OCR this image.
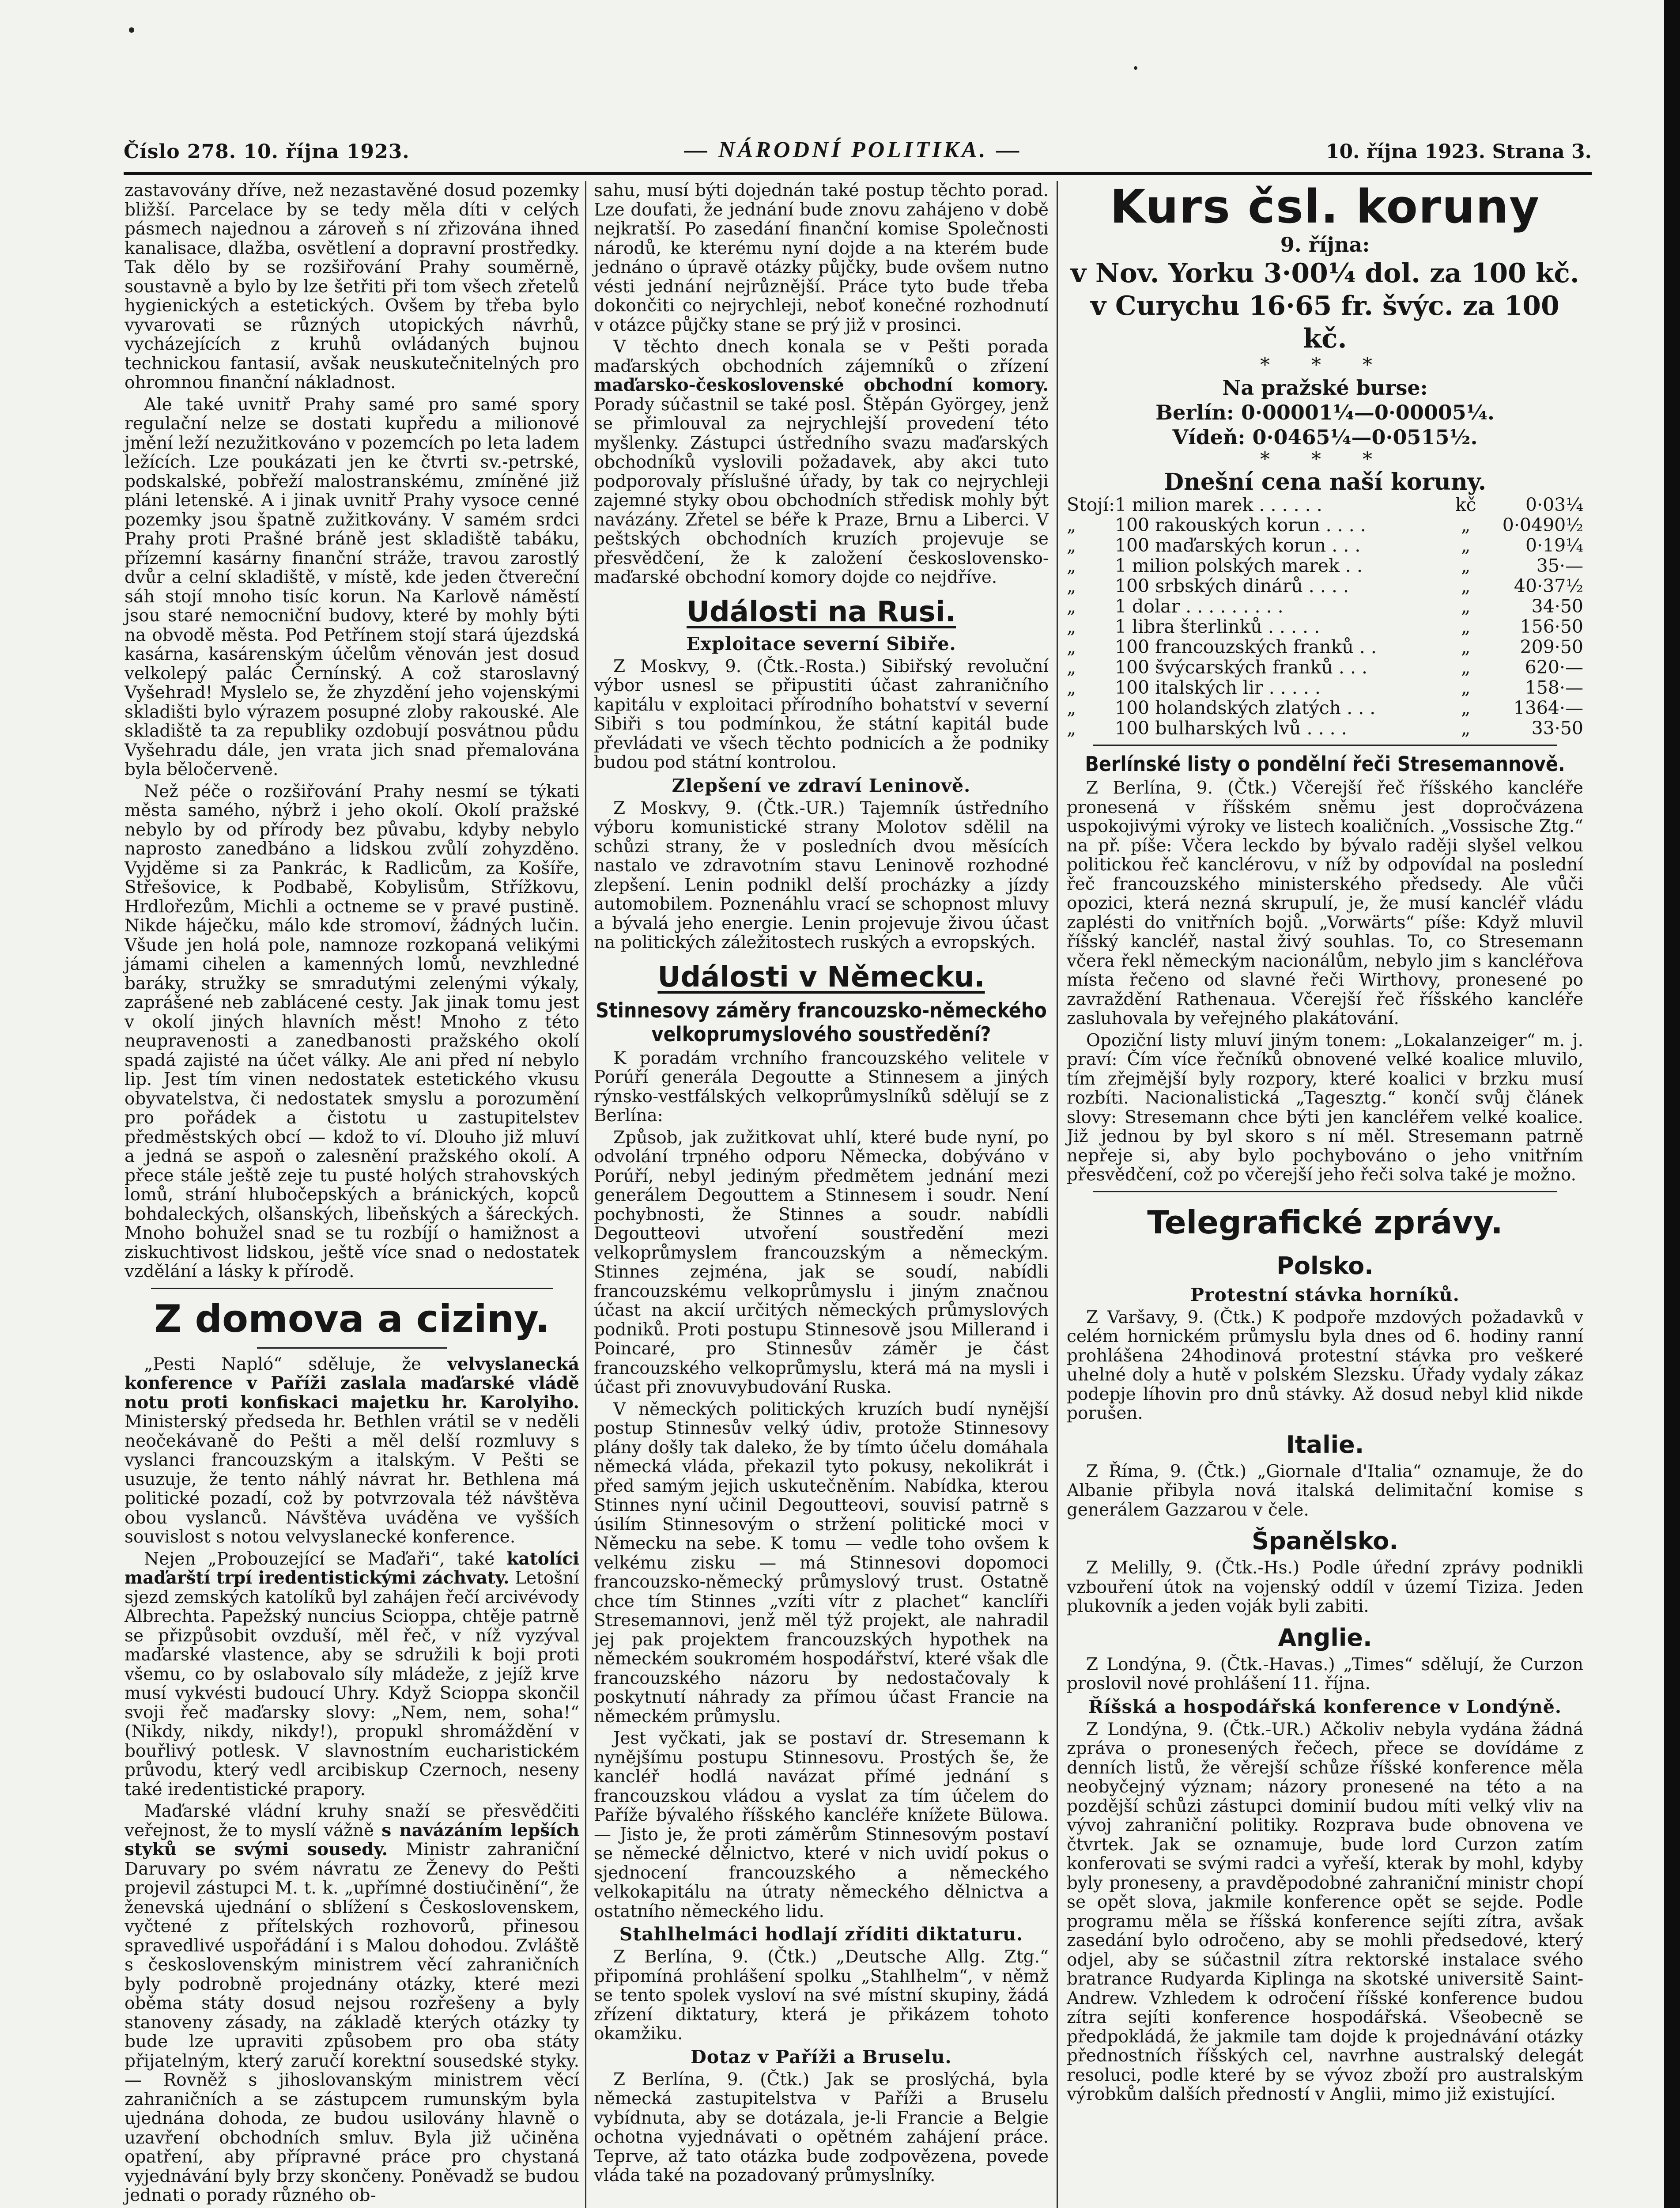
Číslo 278. 10. října 1923.	— NÁRODNÍ POLITIKA. —	10. října 1923. Strana 3.

zastavovány dříve, než nezastavěné dosud pozemky bližší. Parcelace by se tedy měla díti v celých pásmech najednou a zároveň s ní zřizována ihned kanalisace, dlažba, osvětlení a dopravní prostředky. Tak dělo by se rozšiřování Prahy souměrně, soustavně a bylo by lze šetřiti při tom všech zřetelů hygienických a estetických. Ovšem by třeba bylo vyvarovati se různých utopických návrhů, vycházejících z kruhů ovládaných bujnou technickou fantasií, avšak neuskutečnitelných pro ohromnou finanční nákladnost.

Ale také uvnitř Prahy samé pro samé spory regulační nelze se dostati kupředu a milionové jmění leží nezužitkováno v pozemcích po leta ladem ležících. Lze poukázati jen ke čtvrti sv.-petrské, podskalské, pobřeží malostranskému, zmíněné již pláni letenské. A i jinak uvnitř Prahy vysoce cenné pozemky jsou špatně zužitkovány. V samém srdci Prahy proti Prašné bráně jest skladiště tabáku, přízemní kasárny finanční stráže, travou zarostlý dvůr a celní skladiště, v místě, kde jeden čtvereční sáh stojí mnoho tisíc korun. Na Karlově náměstí jsou staré nemocniční budovy, které by mohly býti na obvodě města. Pod Petřínem stojí stará újezdská kasárna, kasárenským účelům věnován jest dosud velkolepý palác Černínský. A což staroslavný Vyšehrad! Myslelo se, že zhyzdění jeho vojenskými skladišti bylo výrazem posupné zloby rakouské. Ale skladiště ta za republiky ozdobují posvátnou půdu Vyšehradu dále, jen vrata jich snad přemalována byla běločerveně.

Než péče o rozšiřování Prahy nesmí se týkati města samého, nýbrž i jeho okolí. Okolí pražské nebylo by od přírody bez půvabu, kdyby nebylo naprosto zanedbáno a lidskou zvůlí zohyzděno. Vyjděme si za Pankrác, k Radlicům, za Košíře, Střešovice, k Podbabě, Kobylisům, Střížkovu, Hrdlořezům, Michli a octneme se v pravé pustině. Nikde háječku, málo kde stromoví, žádných lučin. Všude jen holá pole, namnoze rozkopaná velikými jámami cihelen a kamenných lomů, nevzhledné baráky, stružky se smradutými zelenými výkaly, zaprášené neb zablácené cesty. Jak jinak tomu jest v okolí jiných hlavních měst! Mnoho z této neupravenosti a zanedbanosti pražského okolí spadá zajisté na účet války. Ale ani před ní nebylo lip. Jest tím vinen nedostatek estetického vkusu obyvatelstva, či nedostatek smyslu a porozumění pro pořádek a čistotu u zastupitelstev předměstských obcí — kdož to ví. Dlouho již mluví a jedná se aspoň o zalesnění pražského okolí. A přece stále ještě zeje tu pusté holých strahovských lomů, strání hlubočepských a bránických, kopců bohdaleckých, olšanských, libeňských a šáreckých. Mnoho bohužel snad se tu rozbíjí o hamižnost a ziskuchtivost lidskou, ještě více snad o nedostatek vzdělání a lásky k přírodě.

Z domova a ciziny.

„Pesti Napló“ sděluje, že velvyslanecká konference v Paříži zaslala maďarské vládě notu proti konfiskaci majetku hr. Karolyiho. Ministerský předseda hr. Bethlen vrátil se v neděli neočekávaně do Pešti a měl delší rozmluvy s vyslanci francouzským a italským. V Pešti se usuzuje, že tento náhlý návrat hr. Bethlena má politické pozadí, což by potvrzovala též návštěva obou vyslanců. Návštěva uváděna ve vyšších souvislost s notou velvyslanecké konference.

Nejen „Probouzející se Maďaři“, také katolíci maďarští trpí iredentistickými záchvaty. Letošní sjezd zemských katolíků byl zahájen řečí arcivévody Albrechta. Papežský nuncius Scioppa, chtěje patrně se přizpůsobit ovzduší, měl řeč, v níž vyzýval maďarské vlastence, aby se sdružili k boji proti všemu, co by oslabovalo síly mládeže, z jejíž krve musí vykvésti budoucí Uhry. Když Scioppa skončil svoji řeč maďarsky slovy: „Nem, nem, soha!“ (Nikdy, nikdy, nikdy!), propukl shromáždění v bouřlivý potlesk. V slavnostním eucharistickém průvodu, který vedl arcibiskup Czernoch, neseny také iredentistické prapory.

Maďarské vládní kruhy snaží se přesvědčiti veřejnost, že to myslí vážně s navázáním lepších styků se svými sousedy. Ministr zahraniční Daruvary po svém návratu ze Ženevy do Pešti projevil zástupci M. t. k. „upřímné dostiučinění“, že ženevská ujednání o sblížení s Československem, vyčtené z přítelských rozhovorů, přinesou spravedlivé uspořádání i s Malou dohodou. Zvláště s československým ministrem věcí zahraničních byly podrobně projednány otázky, které mezi oběma státy dosud nejsou rozřešeny a byly stanoveny zásady, na základě kterých otázky ty bude lze upraviti způsobem pro oba státy přijatelným, který zaručí korektní sousedské styky. — Rovněž s jihoslovanským ministrem věcí zahraničních a se zástupcem rumunským byla ujednána dohoda, ze budou usilovány hlavně o uzavření obchodních smluv. Byla již učiněna opatření, aby přípravné práce pro chystaná vyjednávání byly brzy skončeny. Poněvadž se budou jednati o porady různého ob-

sahu, musí býti dojednán také postup těchto porad. Lze doufati, že jednání bude znovu zahájeno v době nejkratší. Po zasedání finanční komise Společnosti národů, ke kterému nyní dojde a na kterém bude jednáno o úpravě otázky půjčky, bude ovšem nutno vésti jednání nejrůznější. Práce tyto bude třeba dokončiti co nejrychleji, neboť konečné rozhodnutí v otázce půjčky stane se prý již v prosinci.

V těchto dnech konala se v Pešti porada maďarských obchodních zájemníků o zřízení maďarsko-československé obchodní komory. Porady súčastnil se také posl. Štěpán Györgey, jenž se přimlouval za nejrychlejší provedení této myšlenky. Zástupci ústředního svazu maďarských obchodníků vyslovili požadavek, aby akci tuto podporovaly příslušné úřady, by tak co nejrychleji zajemné styky obou obchodních středisk mohly být navázány. Zřetel se béře k Praze, Brnu a Liberci. V peštských obchodních kruzích projevuje se přesvědčení, že k založení československo-maďarské obchodní komory dojde co nejdříve.

Události na Rusi.
Exploitace severní Sibiře.

Z Moskvy, 9. (Čtk.-Rosta.) Sibiřský revoluční výbor usnesl se připustiti účast zahraničního kapitálu v exploitaci přírodního bohatství v severní Sibiři s tou podmínkou, že státní kapitál bude převládati ve všech těchto podnicích a že podniky budou pod státní kontrolou.

Zlepšení ve zdraví Leninově.

Z Moskvy, 9. (Čtk.-UR.) Tajemník ústředního výboru komunistické strany Molotov sdělil na schůzi strany, že v posledních dvou měsících nastalo ve zdravotním stavu Leninově rozhodné zlepšení. Lenin podnikl delší procházky a jízdy automobilem. Poznenáhlu vrací se schopnost mluvy a bývalá jeho energie. Lenin projevuje živou účast na politických záležitostech ruských a evropských.

Události v Německu.
Stinnesovy záměry francouzsko-německého velkoprumyslového soustředění?

K poradám vrchního francouzského velitele v Porúří generála Degoutte a Stinnesem a jiných rýnsko-vestfálských velkoprůmyslníků sdělují se z Berlína:

Způsob, jak zužitkovat uhlí, které bude nyní, po odvolání trpného odporu Německa, dobýváno v Porúří, nebyl jediným předmětem jednání mezi generálem Degouttem a Stinnesem i soudr. Není pochybnosti, že Stinnes a soudr. nabídli Degoutteovi utvoření soustředění mezi velkoprůmyslem francouzským a německým. Stinnes zejména, jak se soudí, nabídli francouzskému velkoprůmyslu i jiným značnou účast na akcií určitých německých průmyslových podniků. Proti postupu Stinnesově jsou Millerand i Poincaré, pro Stinnesův záměr je část francouzského velkoprůmyslu, která má na mysli i účast při znovuvybudování Ruska.

V německých politických kruzích budí nynější postup Stinnesův velký údiv, protože Stinnesovy plány došly tak daleko, že by tímto účelu domáhala německá vláda, překazil tyto pokusy, nekolikrát i před samým jejich uskutečněním. Nabídka, kterou Stinnes nyní učinil Degoutteovi, souvisí patrně s úsilím Stinnesovým o stržení politické moci v Německu na sebe. K tomu — vedle toho ovšem k velkému zisku — má Stinnesovi dopomoci francouzsko-německý průmyslový trust. Ostatně chce tím Stinnes „vzíti vítr z plachet“ kanclíři Stresemannovi, jenž měl týž projekt, ale nahradil jej pak projektem francouzských hypothek na německém soukromém hospodářství, které však dle francouzského názoru by nedostačovaly k poskytnutí náhrady za přímou účast Francie na německém průmyslu.

Jest vyčkati, jak se postaví dr. Stresemann k nynějšímu postupu Stinnesovu. Prostých še, že kancléř hodlá navázat přímé jednání s francouzskou vládou a vyslat za tím účelem do Paříže bývalého říšského kancléře knížete Bülowa. — Jisto je, že proti záměrům Stinnesovým postaví se německé dělnictvo, které v nich uvidí pokus o sjednocení francouzského a německého velkokapitálu na útraty německého dělnictva a ostatního německého lidu.

Stahlhelmáci hodlají zříditi diktaturu.

Z Berlína, 9. (Čtk.) „Deutsche Allg. Ztg.“ připomíná prohlášení spolku „Stahlhelm“, v němž se tento spolek vysloví na své místní skupiny, žádá zřízení diktatury, která je přikázem tohoto okamžiku.

Dotaz v Paříži a Bruselu.

Z Berlína, 9. (Čtk.) Jak se proslýchá, byla německá zastupitelstva v Paříži a Bruselu vybídnuta, aby se dotázala, je-li Francie a Belgie ochotna vyjednávati o opětném zahájení práce. Teprve, až tato otázka bude zodpovězena, povede vláda také na pozadovaný průmyslníky.

Kurs čsl. koruny
9. října:
v Nov. Yorku 3·00¼ dol. za 100 kč.
v Curychu 16·65 fr. švýc. za 100 kč.
* * *
Na pražské burse:
Berlín: 0·00001¼—0·00005¼.
Vídeň: 0·0465¼—0·0515½.
* * *
Dnešní cena naší koruny.
Stojí:	1 milion marek . . . . . .	kč	0·03¼
„	100 rakouských korun . . . .	„	0·0490½
„	100 maďarských korun . . .	„	0·19¼
„	1 milion polských marek . .	„	35·—
„	100 srbských dinárů . . . .	„	40·37½
„	1 dolar . . . . . . . . .	„	34·50
„	1 libra šterlinků . . . . .	„	156·50
„	100 francouzských franků . .	„	209·50
„	100 švýcarských franků . . .	„	620·—
„	100 italských lir . . . . .	„	158·—
„	100 holandských zlatých . . .	„	1364·—
„	100 bulharských lvů . . . .	„	33·50
Berlínské listy o pondělní řeči Stresemannově.

Z Berlína, 9. (Čtk.) Včerejší řeč říšského kancléře pronesená v říšském sněmu jest dopročvázena uspokojivými výroky ve listech koaličních. „Vossische Ztg.“ na př. píše: Včera leckdo by bývalo raději slyšel velkou politickou řeč kanclérovu, v níž by odpovídal na poslední řeč francouzského ministerského předsedy. Ale vůči opozici, která nezná skrupulí, je, že musí kancléř vládu zaplésti do vnitřních bojů. „Vorwärts“ píše: Když mluvil říšský kancléř, nastal živý souhlas. To, co Stresemann včera řekl německým nacionálům, nebylo jim s kancléřova místa řečeno od slavné řeči Wirthovy, pronesené po zavraždění Rathenaua. Včerejší řeč říšského kancléře zasluhovala by veřejného plakátování.

Opoziční listy mluví jiným tonem: „Lokalanzeiger“ m. j. praví: Čím více řečníků obnovené velké koalice mluvilo, tím zřejmější byly rozpory, které koalici v brzku musí rozbíti. Nacionalistická „Tagesztg.“ končí svůj článek slovy: Stresemann chce býti jen kancléřem velké koalice. Již jednou by byl skoro s ní měl. Stresemann patrně nepřeje si, aby bylo pochybováno o jeho vnitřním přesvědčení, což po včerejší jeho řeči solva také je možno.

Telegrafické zprávy.
Polsko.
Protestní stávka horníků.

Z Varšavy, 9. (Čtk.) K podpoře mzdových požadavků v celém hornickém průmyslu byla dnes od 6. hodiny ranní prohlášena 24hodinová protestní stávka pro veškeré uhelné doly a hutě v polském Slezsku. Úřady vydaly zákaz podepje líhovin pro dnů stávky. Až dosud nebyl klid nikde porušen.

Italie.

Z Říma, 9. (Čtk.) „Giornale d'Italia“ oznamuje, že do Albanie přibyla nová italská delimitační komise s generálem Gazzarou v čele.

Španělsko.

Z Melilly, 9. (Čtk.-Hs.) Podle úřední zprávy podnikli vzbouření útok na vojenský oddíl v území Tiziza. Jeden plukovník a jeden voják byli zabiti.

Anglie.

Z Londýna, 9. (Čtk.-Havas.) „Times“ sdělují, že Curzon proslovil nové prohlášení 11. října.

Říšská a hospodářská konference v Londýně.

Z Londýna, 9. (Čtk.-UR.) Ačkoliv nebyla vydána žádná zpráva o pronesených řečech, přece se dovídáme z denních listů, že věrejší schůze říšské konference měla neobyčejný význam; názory pronesené na této a na pozdější schůzi zástupci dominií budou míti velký vliv na vývoj zahraniční politiky. Rozprava bude obnovena ve čtvrtek. Jak se oznamuje, bude lord Curzon zatím konferovati se svými radci a vyřeší, kterak by mohl, kdyby byly proneseny, a pravděpodobné zahraniční ministr chopí se opět slova, jakmile konference opět se sejde. Podle programu měla se říšská konference sejíti zítra, avšak zasedání bylo odročeno, aby se mohli předsedové, který odjel, aby se súčastnil zítra rektorské instalace svého bratrance Rudyarda Kiplinga na skotské universitě Saint-Andrew. Vzhledem k odročení říšské konference budou zítra sejíti konference hospodářská. Všeobecně se předpokládá, že jakmile tam dojde k projednávání otázky přednostních říšských cel, navrhne australský delegát resoluci, podle které by se vývoz zboží pro australským výrobkům dalších předností v Anglii, mimo již existující.
